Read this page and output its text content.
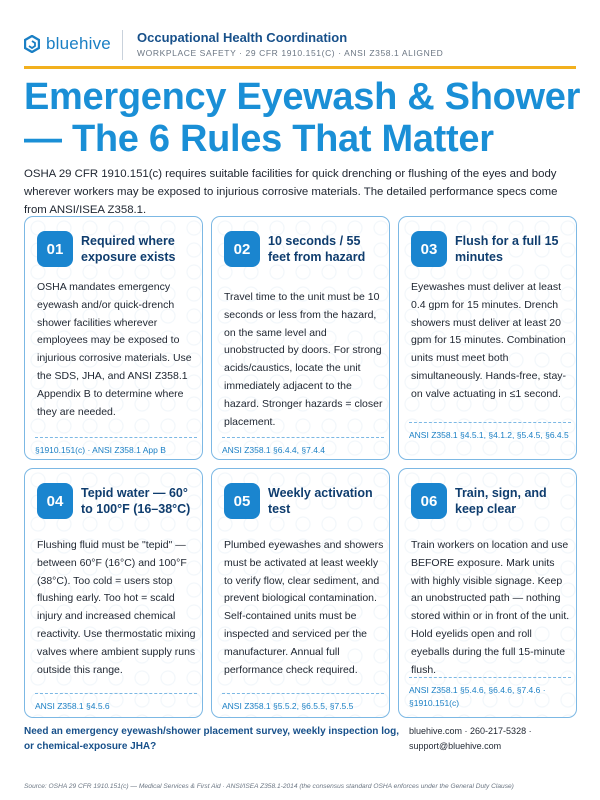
bluehive Occupational Health Coordination
WORKPLACE SAFETY · 29 CFR 1910.151(C) · ANSI Z358.1 ALIGNED
Emergency Eyewash & Shower — The 6 Rules That Matter

OSHA 29 CFR 1910.151(c) requires suitable facilities for quick drenching or flushing of the eyes and body wherever workers may be exposed to injurious corrosive materials. The detailed performance specs come from ANSI/ISEA Z358.1.

01	Required where exposure exists
OSHA mandates emergency eyewash and/or quick-drench shower facilities wherever employees may be exposed to injurious corrosive materials. Use the SDS, JHA, and ANSI Z358.1 Appendix B to determine where they are needed.
§1910.151(c) · ANSI Z358.1 App B
02	10 seconds / 55 feet from hazard
Travel time to the unit must be 10 seconds or less from the hazard, on the same level and unobstructed by doors. For strong acids/caustics, locate the unit immediately adjacent to the hazard. Stronger hazards = closer placement.
ANSI Z358.1 §6.4.4, §7.4.4
03	Flush for a full 15 minutes
Eyewashes must deliver at least 0.4 gpm for 15 minutes. Drench showers must deliver at least 20 gpm for 15 minutes. Combination units must meet both simultaneously. Hands-free, stay-on valve actuating in ≤1 second.
ANSI Z358.1 §4.5.1, §4.1.2, §5.4.5, §6.4.5
04	Tepid water — 60° to 100°F (16–38°C)
Flushing fluid must be "tepid" — between 60°F (16°C) and 100°F (38°C). Too cold = users stop flushing early. Too hot = scald injury and increased chemical reactivity. Use thermostatic mixing valves where ambient supply runs outside this range.
ANSI Z358.1 §4.5.6
05	Weekly activation test
Plumbed eyewashes and showers must be activated at least weekly to verify flow, clear sediment, and prevent biological contamination. Self-contained units must be inspected and serviced per the manufacturer. Annual full performance check required.
ANSI Z358.1 §5.5.2, §6.5.5, §7.5.5
06	Train, sign, and keep clear
Train workers on location and use BEFORE exposure. Mark units with highly visible signage. Keep an unobstructed path — nothing stored within or in front of the unit. Hold eyelids open and roll eyeballs during the full 15-minute flush.
ANSI Z358.1 §5.4.6, §6.4.6, §7.4.6 · §1910.151(c)
Need an emergency eyewash/shower placement survey, weekly inspection log, or chemical-exposure JHA?
bluehive.com · 260-217-5328 · support@bluehive.com
Source: OSHA 29 CFR 1910.151(c) — Medical Services & First Aid · ANSI/ISEA Z358.1-2014 (the consensus standard OSHA enforces under the General Duty Clause)
